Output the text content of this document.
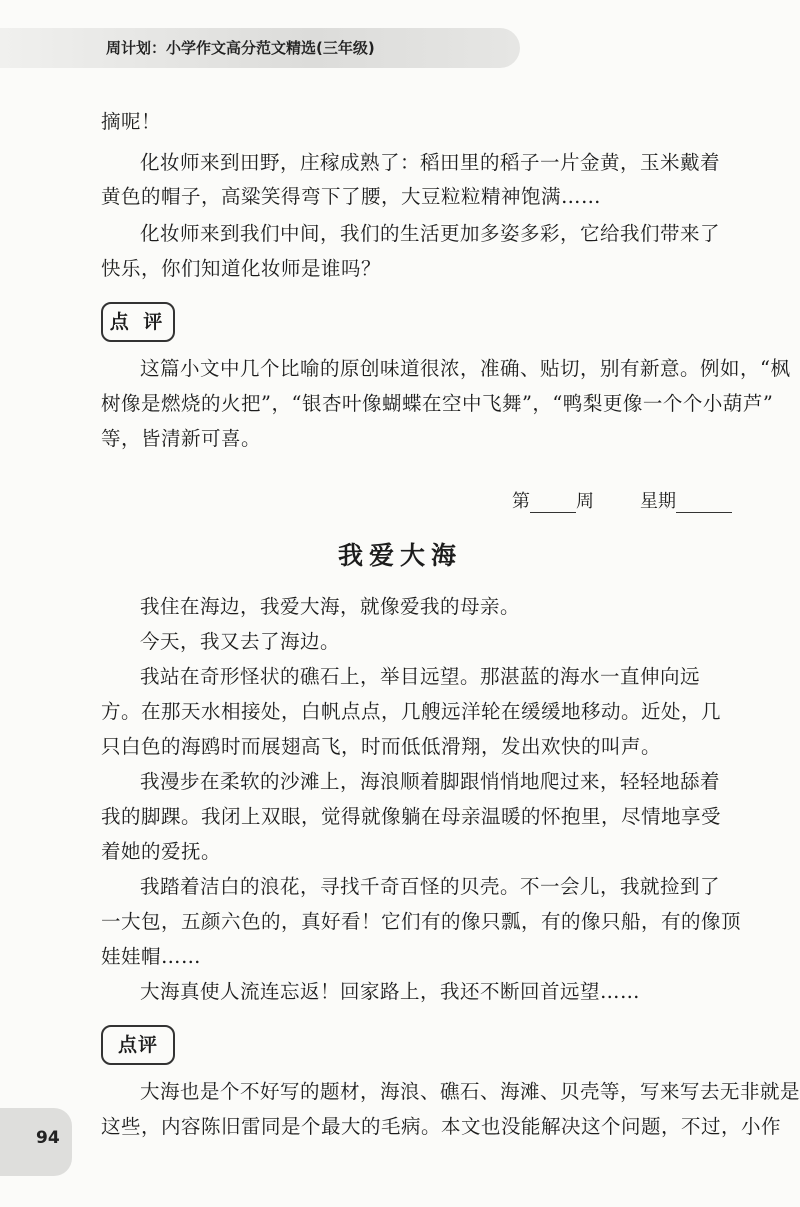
周计划：小学作文高分范文精选(三年级)
摘呢！
化妆师来到田野，庄稼成熟了：稻田里的稻子一片金黄，玉米戴着
黄色的帽子，高粱笑得弯下了腰，大豆粒粒精神饱满……
化妆师来到我们中间，我们的生活更加多姿多彩，它给我们带来了
快乐，你们知道化妆师是谁吗？
点 评
这篇小文中几个比喻的原创味道很浓，准确、贴切，别有新意。例如，“枫
树像是燃烧的火把”，“银杏叶像蝴蝶在空中飞舞”，“鸭梨更像一个个小葫芦”
等，皆清新可喜。
第	周	星期
我爱大海
我住在海边，我爱大海，就像爱我的母亲。
今天，我又去了海边。
我站在奇形怪状的礁石上，举目远望。那湛蓝的海水一直伸向远
方。在那天水相接处，白帆点点，几艘远洋轮在缓缓地移动。近处，几
只白色的海鸥时而展翅高飞，时而低低滑翔，发出欢快的叫声。
我漫步在柔软的沙滩上，海浪顺着脚跟悄悄地爬过来，轻轻地舔着
我的脚踝。我闭上双眼，觉得就像躺在母亲温暖的怀抱里，尽情地享受
着她的爱抚。
我踏着洁白的浪花，寻找千奇百怪的贝壳。不一会儿，我就捡到了
一大包，五颜六色的，真好看！它们有的像只瓢，有的像只船，有的像顶
娃娃帽……
大海真使人流连忘返！回家路上，我还不断回首远望……
点评
大海也是个不好写的题材，海浪、礁石、海滩、贝壳等，写来写去无非就是
这些，内容陈旧雷同是个最大的毛病。本文也没能解决这个问题，不过，小作
94
